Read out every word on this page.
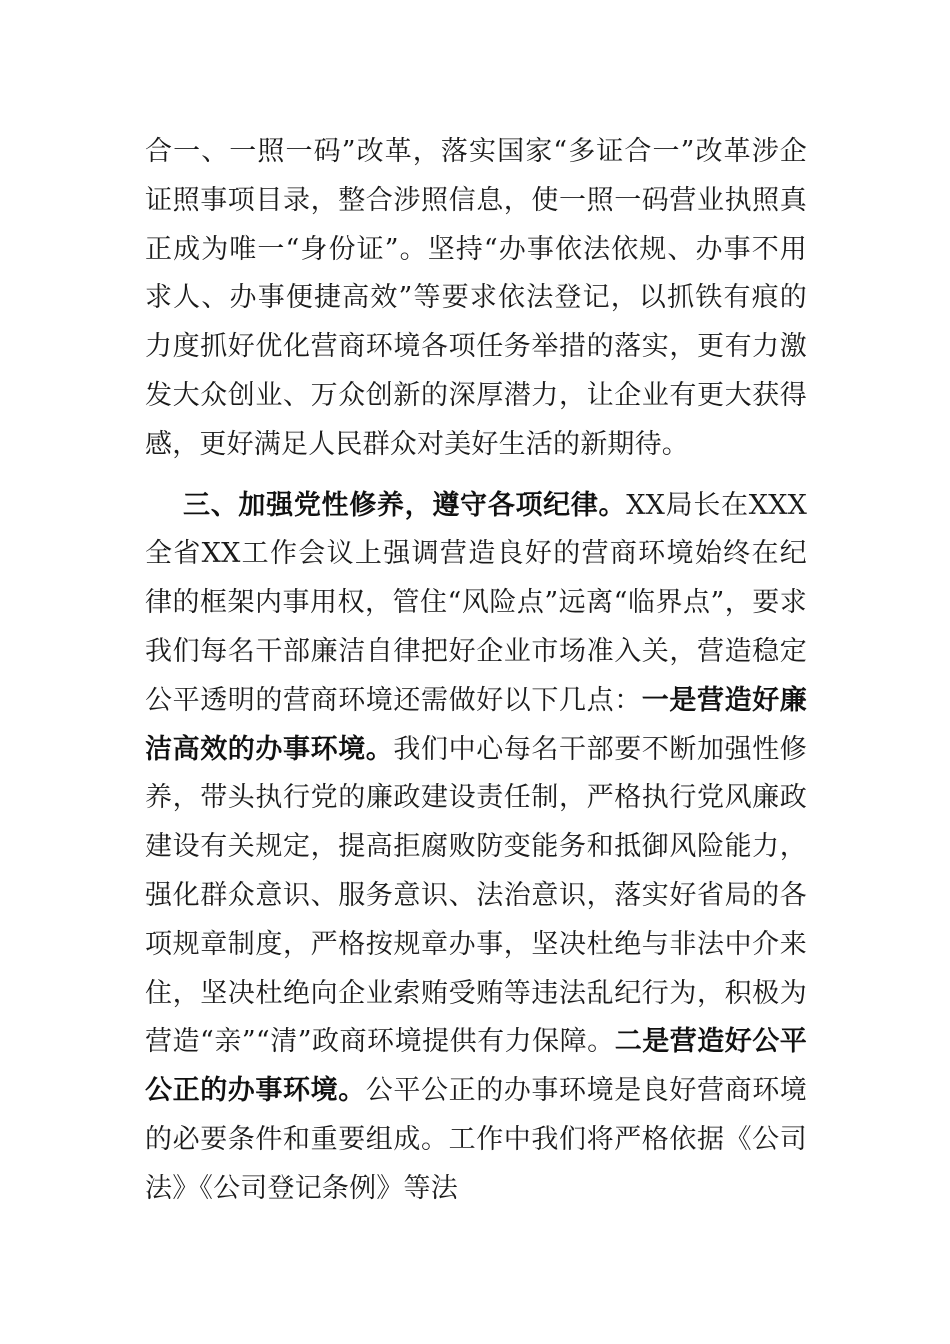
合一、一照一码”改革，落实国家“多证合一”改革涉企证照事项目录，整合涉照信息，使一照一码营业执照真正成为唯一“身份证”。坚持“办事依法依规、办事不用求人、办事便捷高效”等要求依法登记，以抓铁有痕的力度抓好优化营商环境各项任务举措的落实，更有力激发大众创业、万众创新的深厚潜力，让企业有更大获得感，更好满足人民群众对美好生活的新期待。

三、加强党性修养，遵守各项纪律。XX局长在XXX全省XX工作会议上强调营造良好的营商环境始终在纪律的框架内事用权，管住“风险点”远离“临界点”，要求我们每名干部廉洁自律把好企业市场准入关，营造稳定公平透明的营商环境还需做好以下几点：一是营造好廉洁高效的办事环境。我们中心每名干部要不断加强性修养，带头执行党的廉政建设责任制，严格执行党风廉政建设有关规定，提高拒腐败防变能务和抵御风险能力，强化群众意识、服务意识、法治意识，落实好省局的各项规章制度，严格按规章办事，坚决杜绝与非法中介来住，坚决杜绝向企业索贿受贿等违法乱纪行为，积极为营造“亲”“清”政商环境提供有力保障。二是营造好公平公正的办事环境。公平公正的办事环境是良好营商环境的必要条件和重要组成。工作中我们将严格依据《公司法》《公司登记条例》等法
